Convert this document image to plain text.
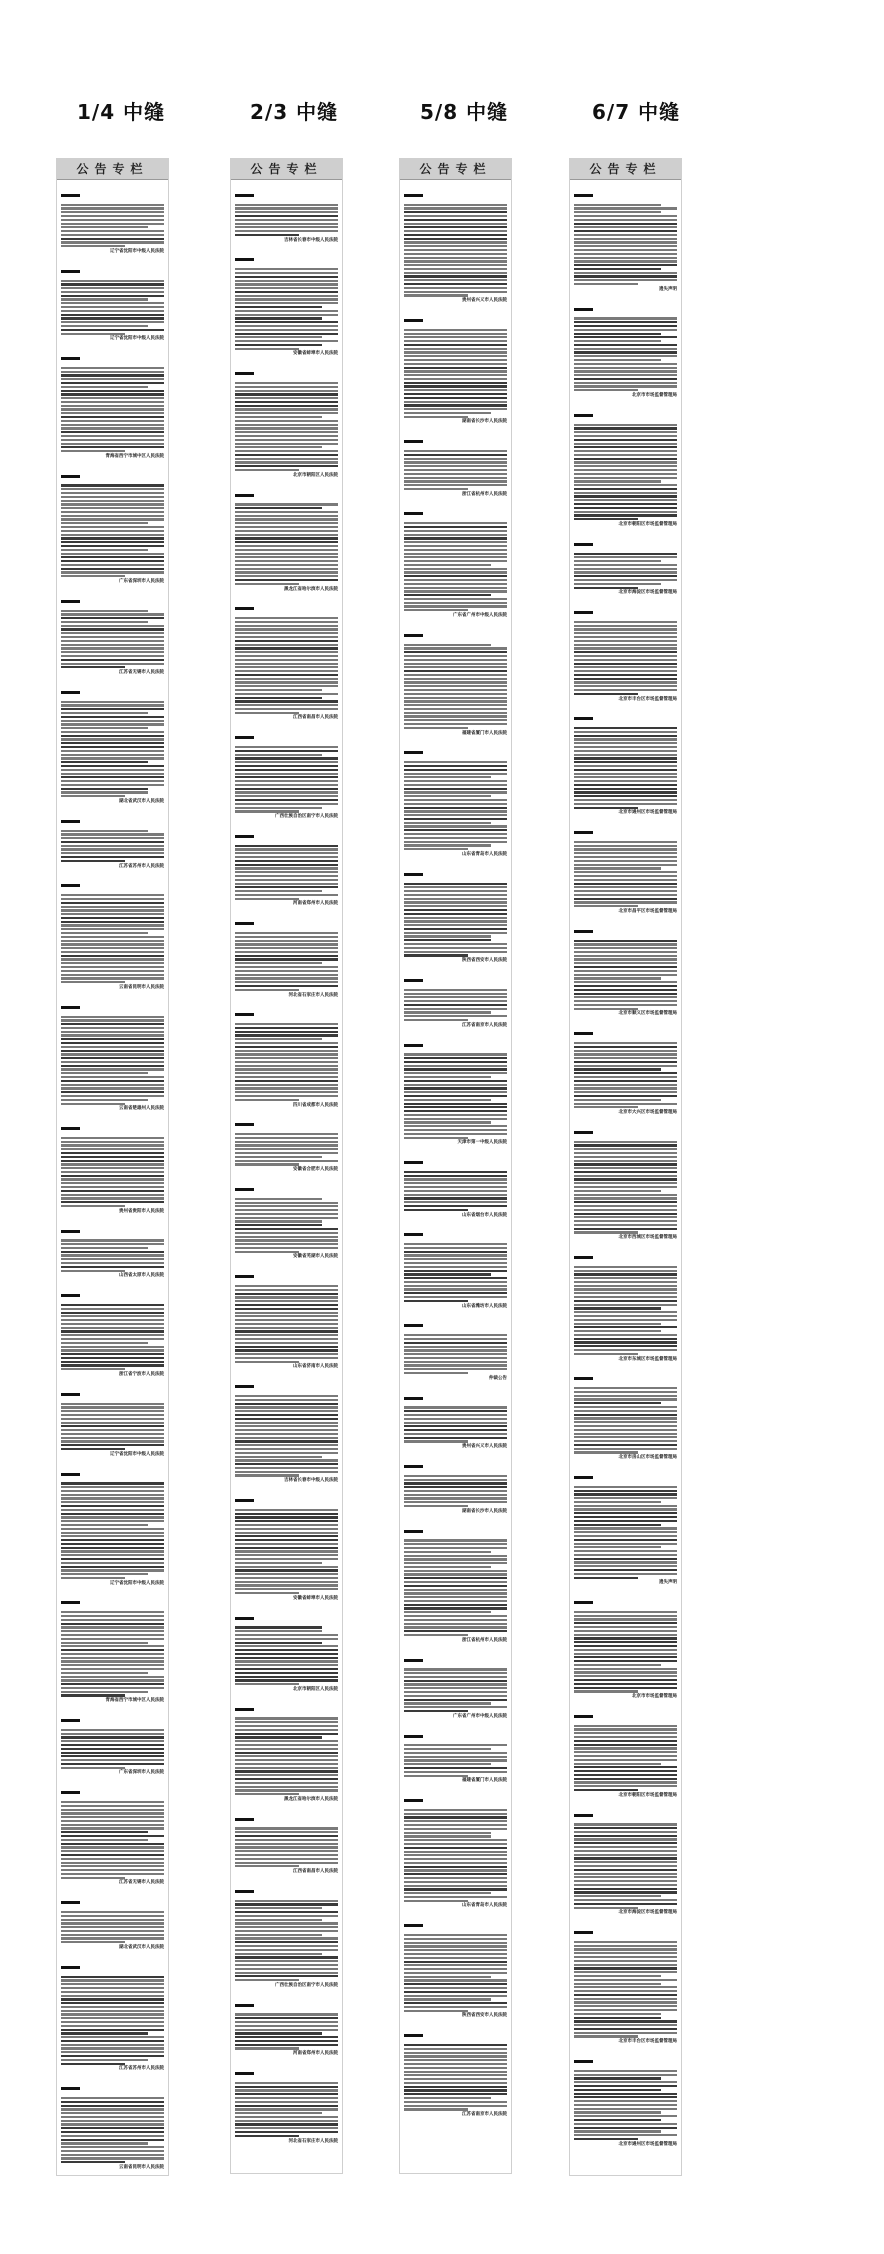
1/4 中缝	2/3 中缝	5/8 中缝	6/7 中缝
公告专栏
辽宁省沈阳市中级人民法院
辽宁省沈阳市中级人民法院
青海省西宁市城中区人民法院
广东省深圳市人民法院
江苏省无锡市人民法院
湖北省武汉市人民法院
江苏省苏州市人民法院
云南省昆明市人民法院
云南省楚雄州人民法院
贵州省贵阳市人民法院
山西省太原市人民法院
浙江省宁波市人民法院
辽宁省沈阳市中级人民法院
辽宁省沈阳市中级人民法院
青海省西宁市城中区人民法院
广东省深圳市人民法院
江苏省无锡市人民法院
湖北省武汉市人民法院
江苏省苏州市人民法院
云南省昆明市人民法院
公告专栏
吉林省长春市中级人民法院
安徽省蚌埠市人民法院
北京市朝阳区人民法院
黑龙江省哈尔滨市人民法院
江西省南昌市人民法院
广西壮族自治区南宁市人民法院
河南省郑州市人民法院
河北省石家庄市人民法院
四川省成都市人民法院
安徽省合肥市人民法院
安徽省芜湖市人民法院
山东省济南市人民法院
吉林省长春市中级人民法院
安徽省蚌埠市人民法院
北京市朝阳区人民法院
黑龙江省哈尔滨市人民法院
江西省南昌市人民法院
广西壮族自治区南宁市人民法院
河南省郑州市人民法院
河北省石家庄市人民法院
公告专栏
贵州省兴义市人民法院
湖南省长沙市人民法院
浙江省杭州市人民法院
广东省广州市中级人民法院
福建省厦门市人民法院
山东省青岛市人民法院
陕西省西安市人民法院
江苏省南京市人民法院
天津市第一中级人民法院
山东省烟台市人民法院
山东省潍坊市人民法院
仲裁公告
贵州省兴义市人民法院
湖南省长沙市人民法院
浙江省杭州市人民法院
广东省广州市中级人民法院
福建省厦门市人民法院
山东省青岛市人民法院
陕西省西安市人民法院
江苏省南京市人民法院
公告专栏
遗失声明
北京市市场监督管理局
北京市朝阳区市场监督管理局
北京市海淀区市场监督管理局
北京市丰台区市场监督管理局
北京市通州区市场监督管理局
北京市昌平区市场监督管理局
北京市顺义区市场监督管理局
北京市大兴区市场监督管理局
北京市西城区市场监督管理局
北京市东城区市场监督管理局
北京市房山区市场监督管理局
遗失声明
北京市市场监督管理局
北京市朝阳区市场监督管理局
北京市海淀区市场监督管理局
北京市丰台区市场监督管理局
北京市通州区市场监督管理局
